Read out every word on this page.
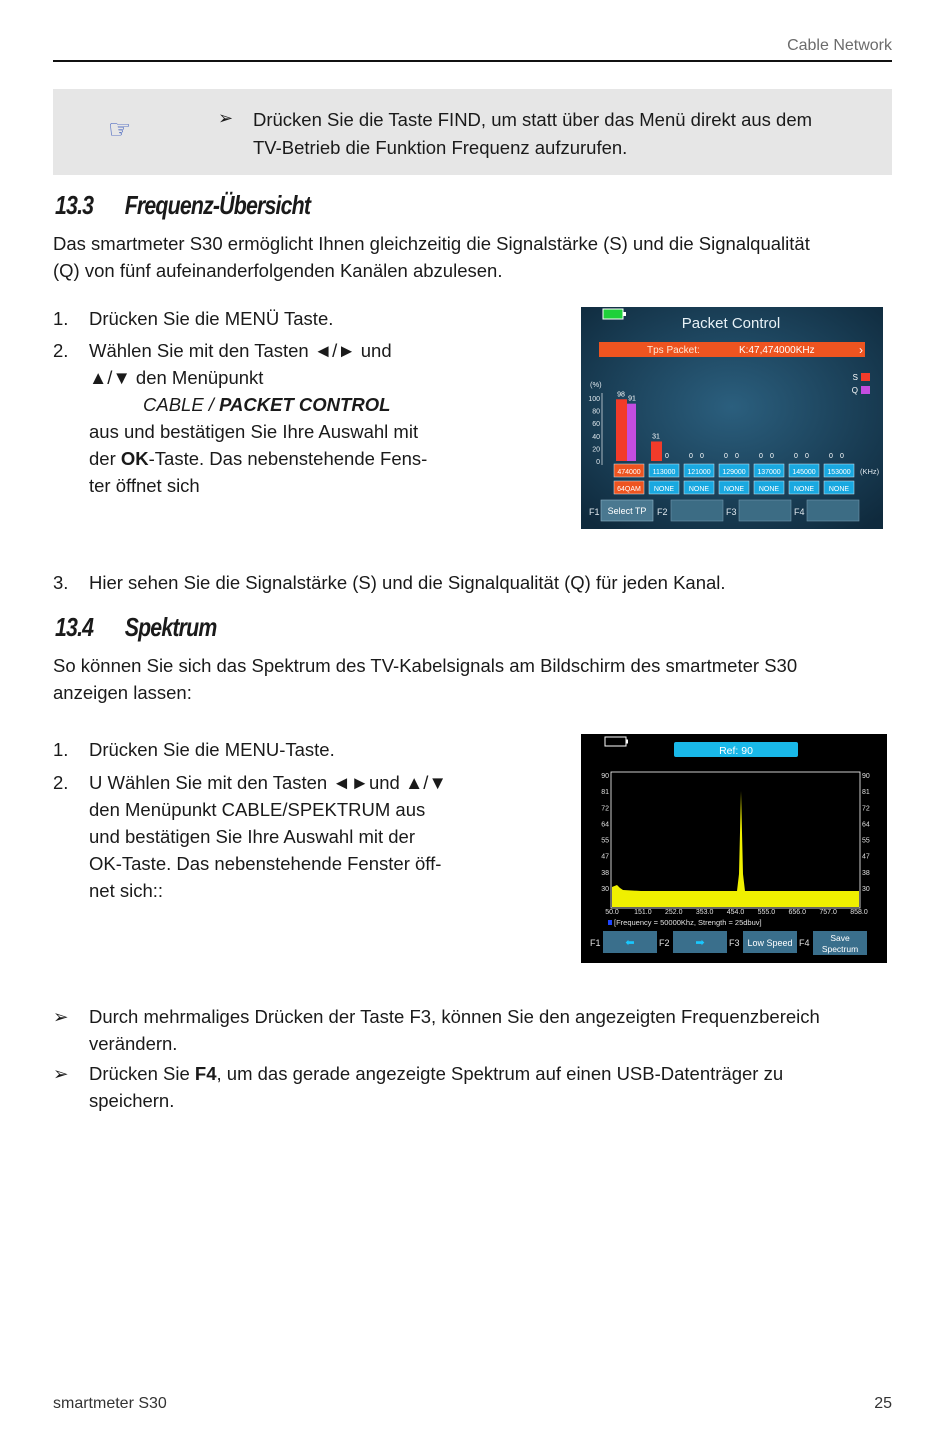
Cable Network
☞	➢ Drücken Sie die Taste FIND, um statt über das Menü direkt aus dem
TV-Betrieb die Funktion Frequenz aufzurufen.
13.3 Frequenz-Übersicht
Das smartmeter S30 ermöglicht Ihnen gleichzeitig die Signalstärke (S) und die Signalqualität
(Q) von fünf aufeinanderfolgenden Kanälen abzulesen.
1. Drücken Sie die MENÜ Taste.
2. Wählen Sie mit den Tasten ◄/► und
▲/▼ den Menüpunkt
CABLE / PACKET CONTROL
aus und bestätigen Sie Ihre Auswahl mit
der OK-Taste. Das nebenstehende Fens-
ter öffnet sich
Packet Control
Tps Packet:	K:47,474000KHz	›
S
Q
(%)
100
80
60
40
20
0
98
91
31
0	0 0	0 0	0 0	0 0	0 0
474000
64QAM
113000
NONE
121000
NONE
129000
NONE
137000
NONE
145000
NONE
153000
NONE
(KHz)
F1 Select TP F2	F3	F4
3. Hier sehen Sie die Signalstärke (S) und die Signalqualität (Q) für jeden Kanal.
13.4 Spektrum
So können Sie sich das Spektrum des TV-Kabelsignals am Bildschirm des smartmeter S30
anzeigen lassen:
1. Drücken Sie die MENU-Taste.
2. U Wählen Sie mit den Tasten ◄►und ▲/▼
den Menüpunkt CABLE/SPEKTRUM aus
und bestätigen Sie Ihre Auswahl mit der
OK-Taste. Das nebenstehende Fenster öff-
net sich::
Ref: 90
90	90
81	81
72	72
64	64
55	55
47	47
38	38
30	30
50.0 151.0 252.0 353.0 454.0 555.0 656.0 757.0 858.0
[Frequency = 50000Khz, Strength = 25dbuv]
F1 ⬅	F2 ➡	F3 Low Speed F4 Save
Spectrum
➢ Durch mehrmaliges Drücken der Taste F3, können Sie den angezeigten Frequenzbereich
verändern.
➢ Drücken Sie F4, um das gerade angezeigte Spektrum auf einen USB-Datenträger zu
speichern.
smartmeter S30	25
